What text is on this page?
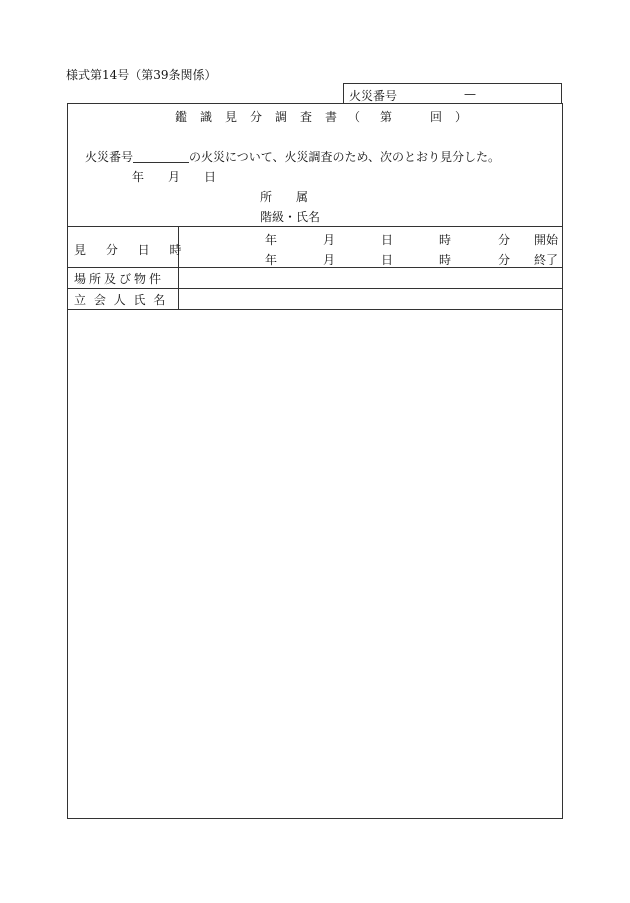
様式第14号（第39条関係）
火災番号	—
鑑 識 見 分 調 査 書 （ 第	回 ）
火災番号	の火災について、火災調査のため、次のとおり見分した。
年 月 日
所 属
階級・氏名
見 分 日 時
年	月	日	時	分 開始
年	月	日	時	分 終了
場所及び物件
立 会 人 氏 名
